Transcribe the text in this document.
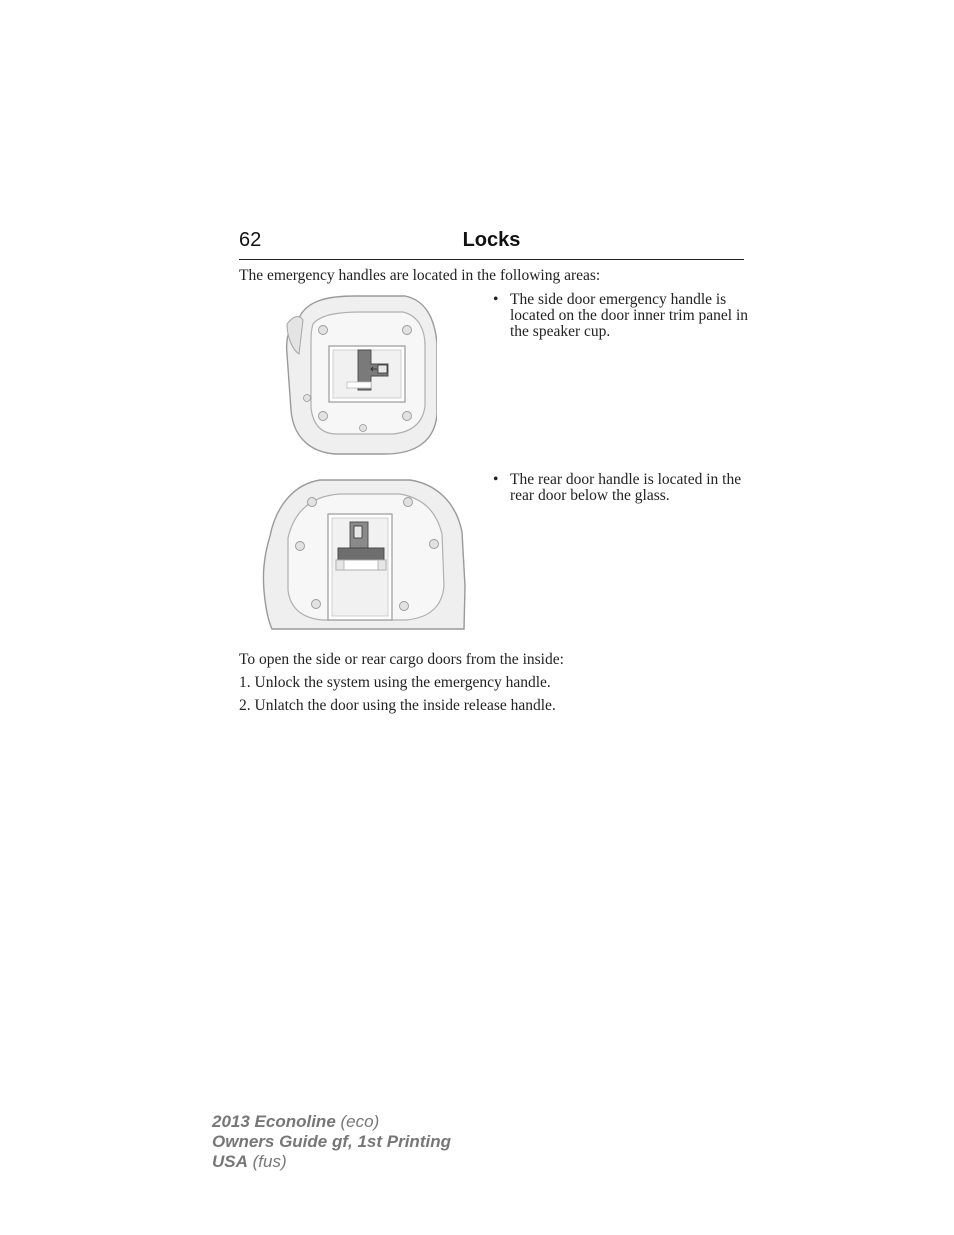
62	Locks
The emergency handles are located in the following areas:
• The side door emergency handle is located on the door inner trim panel in the speaker cup.
• The rear door handle is located in the rear door below the glass.
To open the side or rear cargo doors from the inside:
1. Unlock the system using the emergency handle.
2. Unlatch the door using the inside release handle.
2013 Econoline (eco)
Owners Guide gf, 1st Printing
USA (fus)
